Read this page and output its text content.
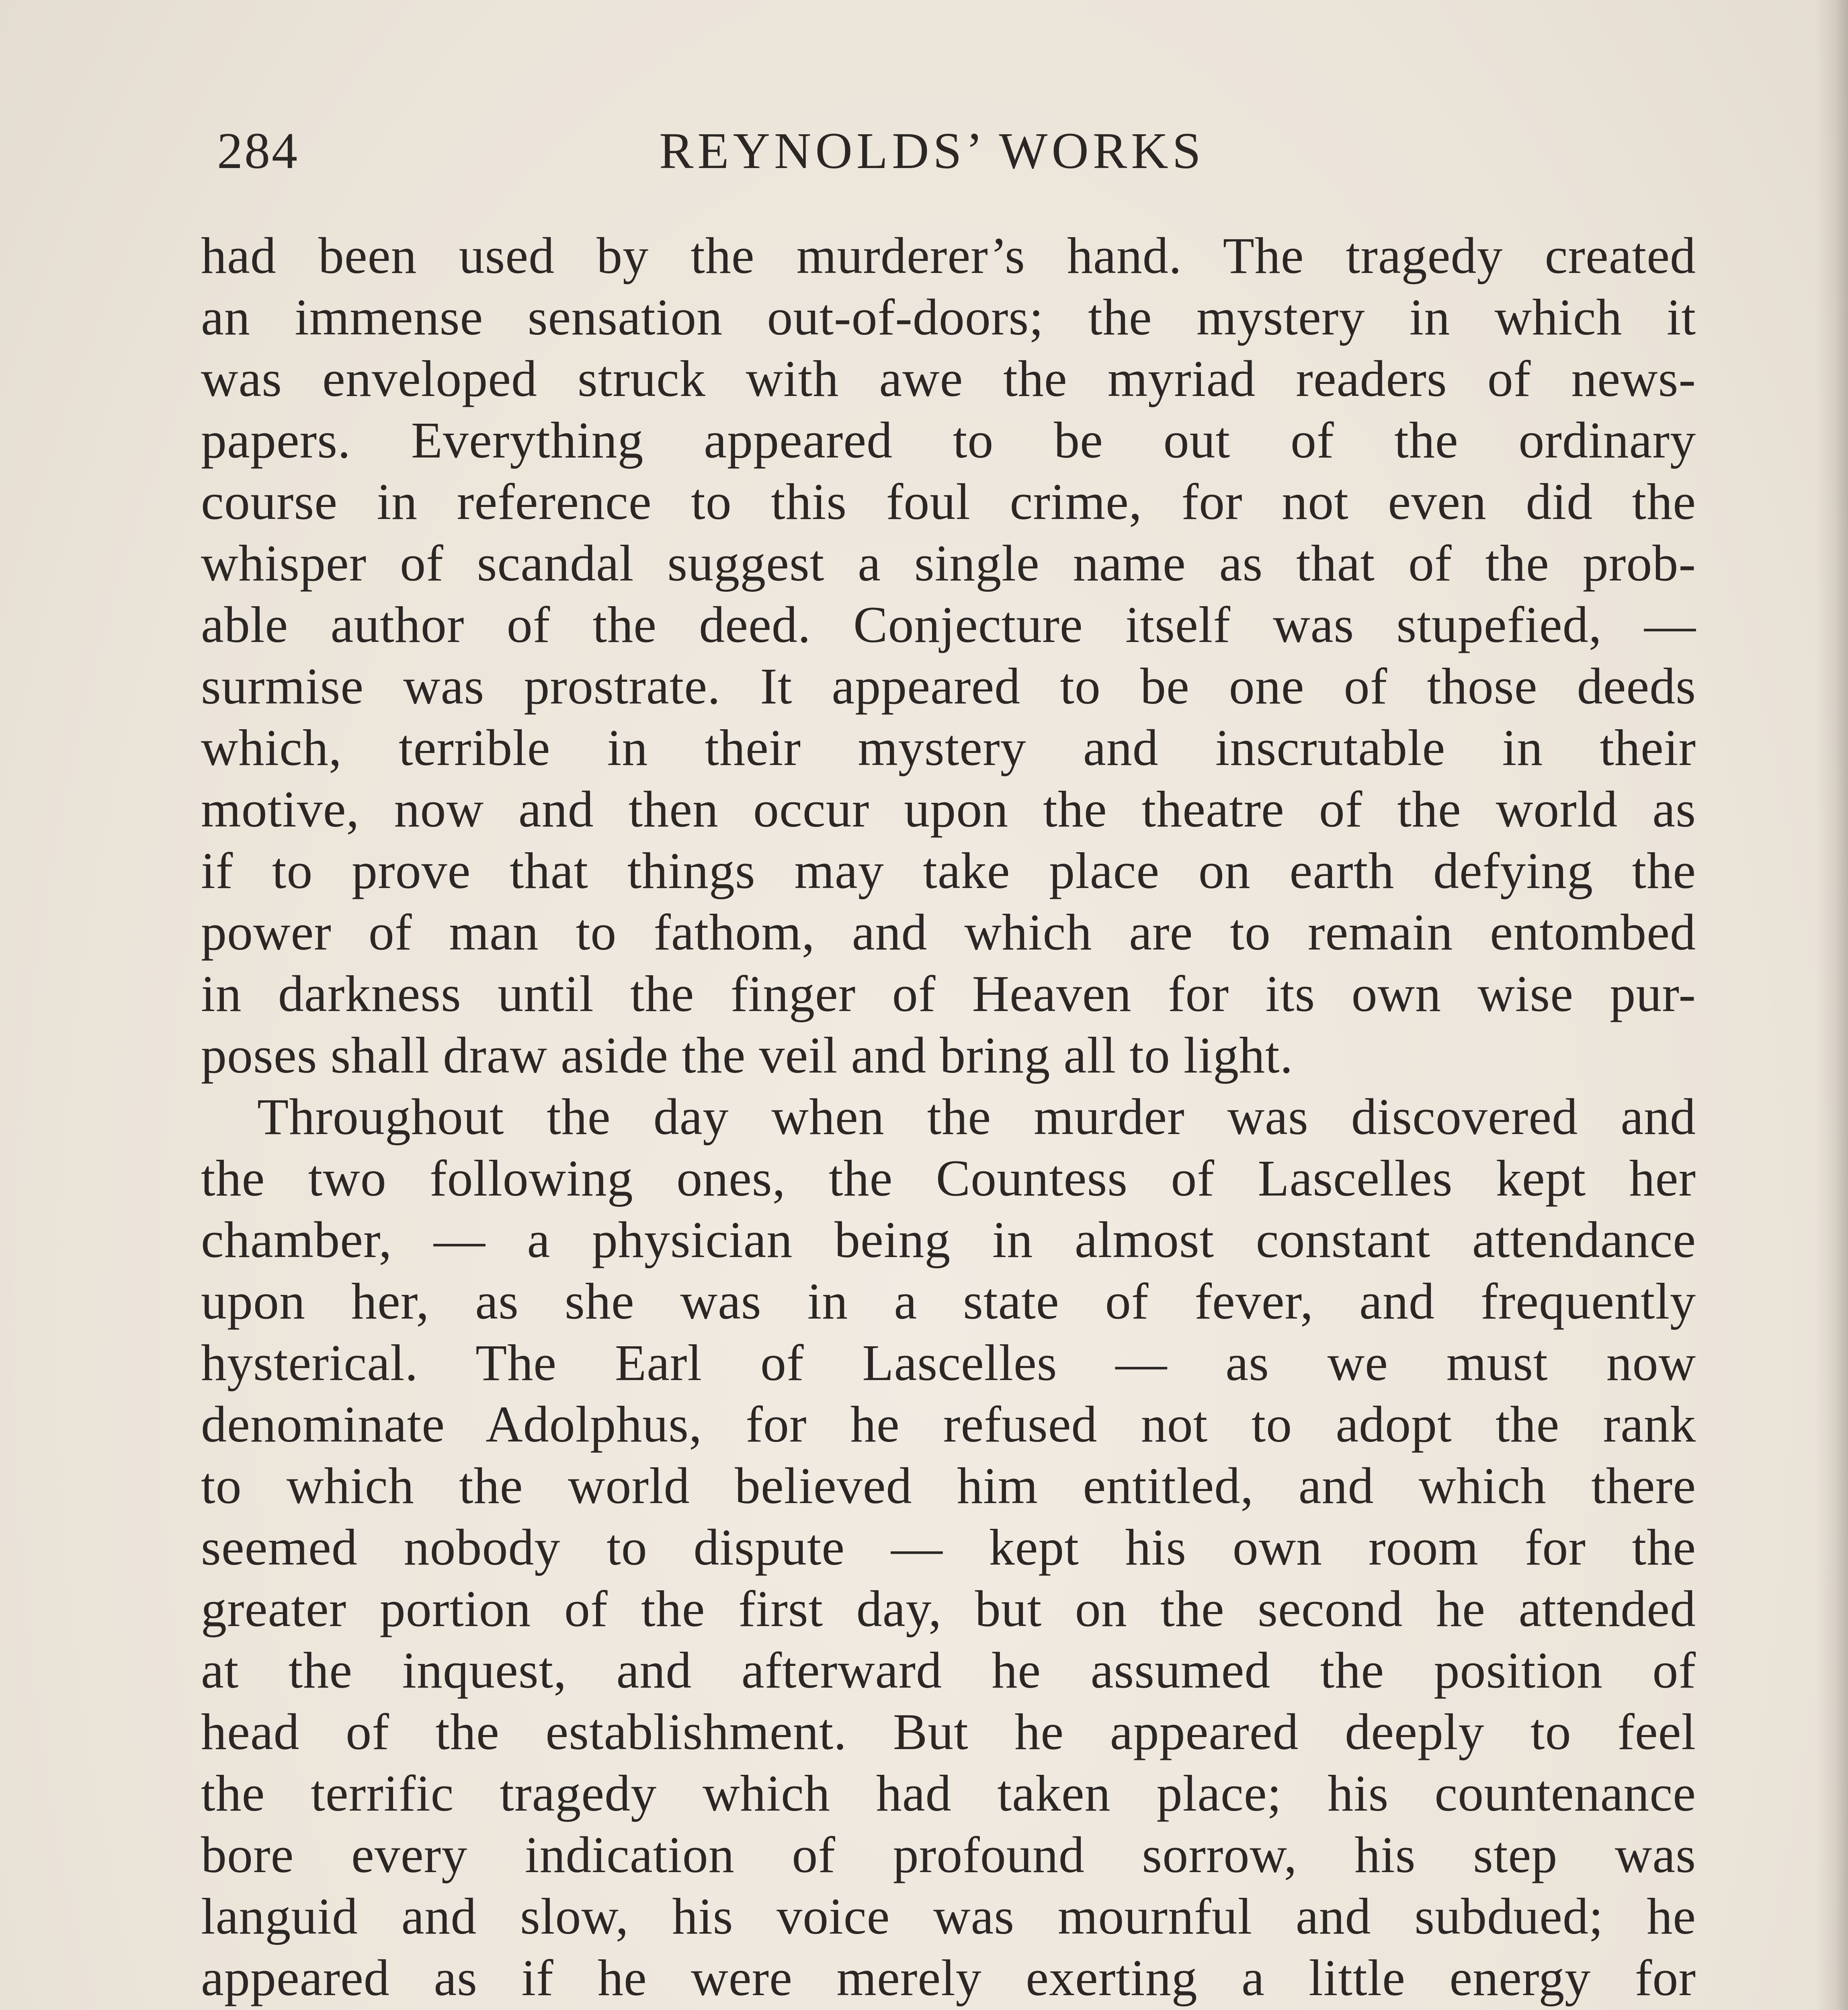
284	REYNOLDS’ WORKS
had been used by the murderer’s hand. The tragedy created
an immense sensation out-of-doors; the mystery in which it
was enveloped struck with awe the myriad readers of news-
papers. Everything appeared to be out of the ordinary
course in reference to this foul crime, for not even did the
whisper of scandal suggest a single name as that of the prob-
able author of the deed. Conjecture itself was stupefied, —
surmise was prostrate. It appeared to be one of those deeds
which, terrible in their mystery and inscrutable in their
motive, now and then occur upon the theatre of the world as
if to prove that things may take place on earth defying the
power of man to fathom, and which are to remain entombed
in darkness until the finger of Heaven for its own wise pur-
poses shall draw aside the veil and bring all to light.
Throughout the day when the murder was discovered and
the two following ones, the Countess of Lascelles kept her
chamber, — a physician being in almost constant attendance
upon her, as she was in a state of fever, and frequently
hysterical. The Earl of Lascelles — as we must now
denominate Adolphus, for he refused not to adopt the rank
to which the world believed him entitled, and which there
seemed nobody to dispute — kept his own room for the
greater portion of the first day, but on the second he attended
at the inquest, and afterward he assumed the position of
head of the establishment. But he appeared deeply to feel
the terrific tragedy which had taken place; his countenance
bore every indication of profound sorrow, his step was
languid and slow, his voice was mournful and subdued; he
appeared as if he were merely exerting a little energy for
